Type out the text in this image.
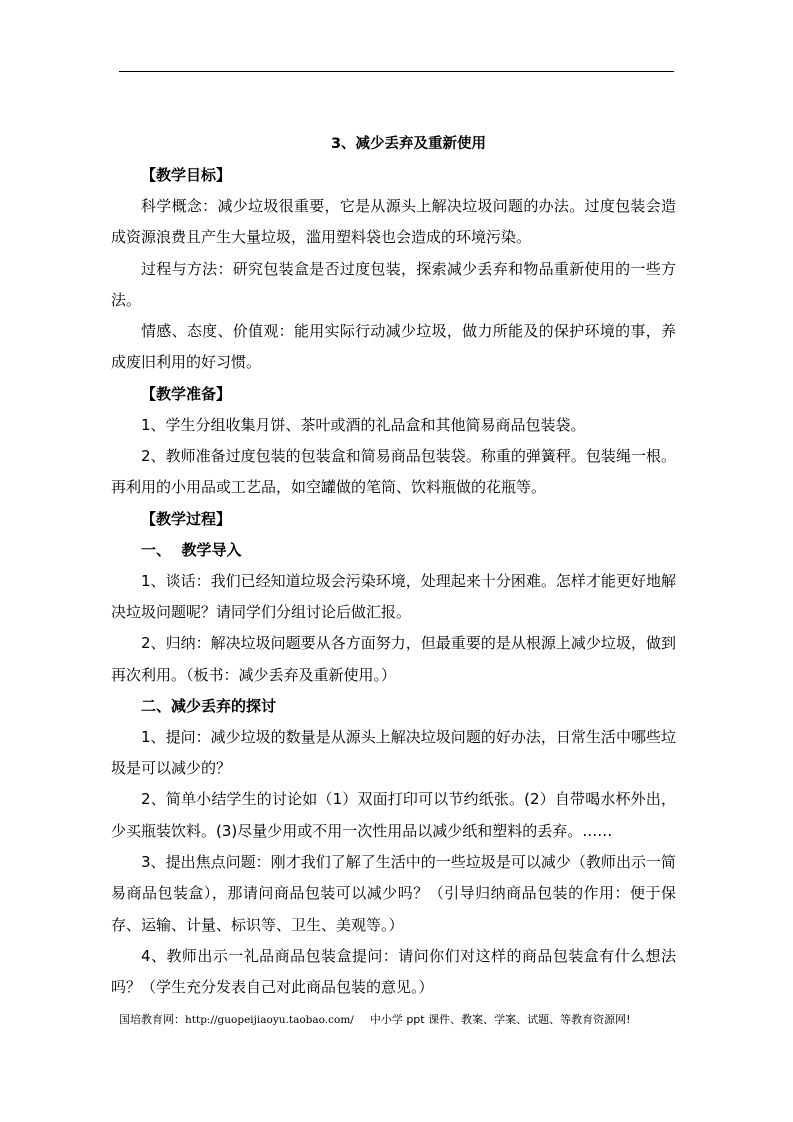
3、减少丢弃及重新使用
【教学目标】

科学概念：减少垃圾很重要，它是从源头上解决垃圾问题的办法。过度包装会造成资源浪费且产生大量垃圾，滥用塑料袋也会造成的环境污染。

过程与方法：研究包装盒是否过度包装，探索减少丢弃和物品重新使用的一些方法。

情感、态度、价值观：能用实际行动减少垃圾，做力所能及的保护环境的事，养成废旧利用的好习惯。

【教学准备】

1、学生分组收集月饼、茶叶或酒的礼品盒和其他简易商品包装袋。

2、教师准备过度包装的包装盒和简易商品包装袋。称重的弹簧秤。包装绳一根。再利用的小用品或工艺品，如空罐做的笔筒、饮料瓶做的花瓶等。

【教学过程】
一、  教学导入

1、谈话：我们已经知道垃圾会污染环境，处理起来十分困难。怎样才能更好地解决垃圾问题呢？请同学们分组讨论后做汇报。

2、归纳：解决垃圾问题要从各方面努力，但最重要的是从根源上减少垃圾，做到再次利用。（板书：减少丢弃及重新使用。）

二、减少丢弃的探讨

1、提问：减少垃圾的数量是从源头上解决垃圾问题的好办法，日常生活中哪些垃圾是可以减少的？

2、简单小结学生的讨论如（1）双面打印可以节约纸张。(2）自带喝水杯外出，少买瓶装饮料。(3)尽量少用或不用一次性用品以减少纸和塑料的丢弃。……

3、提出焦点问题：刚才我们了解了生活中的一些垃圾是可以减少（教师出示一简易商品包装盒），那请问商品包装可以减少吗？（引导归纳商品包装的作用：便于保存、运输、计量、标识等、卫生、美观等。）

4、教师出示一礼品商品包装盒提问：请问你们对这样的商品包装盒有什么想法吗？（学生充分发表自己对此商品包装的意见。）

国培教育网：http://guopeijiaoyu.taobao.com/ 中小学 ppt 课件、教案、学案、试题、等教育资源网!
